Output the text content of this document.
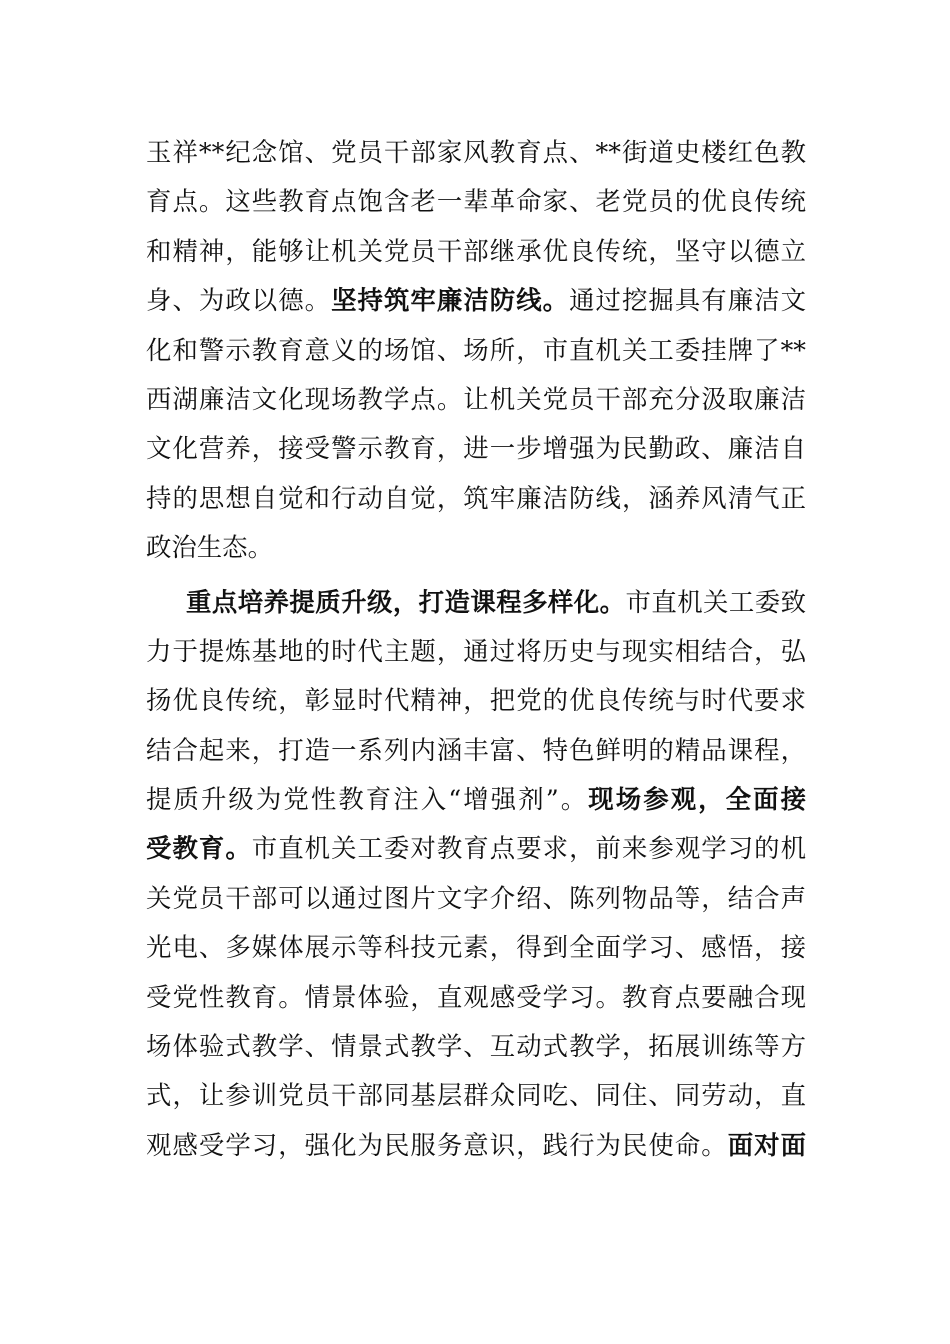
玉祥**纪念馆、党员干部家风教育点、**街道史楼红色教
育点。这些教育点饱含老一辈革命家、老党员的优良传统
和精神，能够让机关党员干部继承优良传统，坚守以德立
身、为政以德。坚持筑牢廉洁防线。通过挖掘具有廉洁文
化和警示教育意义的场馆、场所，市直机关工委挂牌了**
西湖廉洁文化现场教学点。让机关党员干部充分汲取廉洁
文化营养，接受警示教育，进一步增强为民勤政、廉洁自
持的思想自觉和行动自觉，筑牢廉洁防线，涵养风清气正
政治生态。
重点培养提质升级，打造课程多样化。市直机关工委致
力于提炼基地的时代主题，通过将历史与现实相结合，弘
扬优良传统，彰显时代精神，把党的优良传统与时代要求
结合起来，打造一系列内涵丰富、特色鲜明的精品课程，
提质升级为党性教育注入“增强剂”。现场参观，全面接
受教育。市直机关工委对教育点要求，前来参观学习的机
关党员干部可以通过图片文字介绍、陈列物品等，结合声
光电、多媒体展示等科技元素，得到全面学习、感悟，接
受党性教育。情景体验，直观感受学习。教育点要融合现
场体验式教学、情景式教学、互动式教学，拓展训练等方
式，让参训党员干部同基层群众同吃、同住、同劳动，直
观感受学习，强化为民服务意识，践行为民使命。面对面
